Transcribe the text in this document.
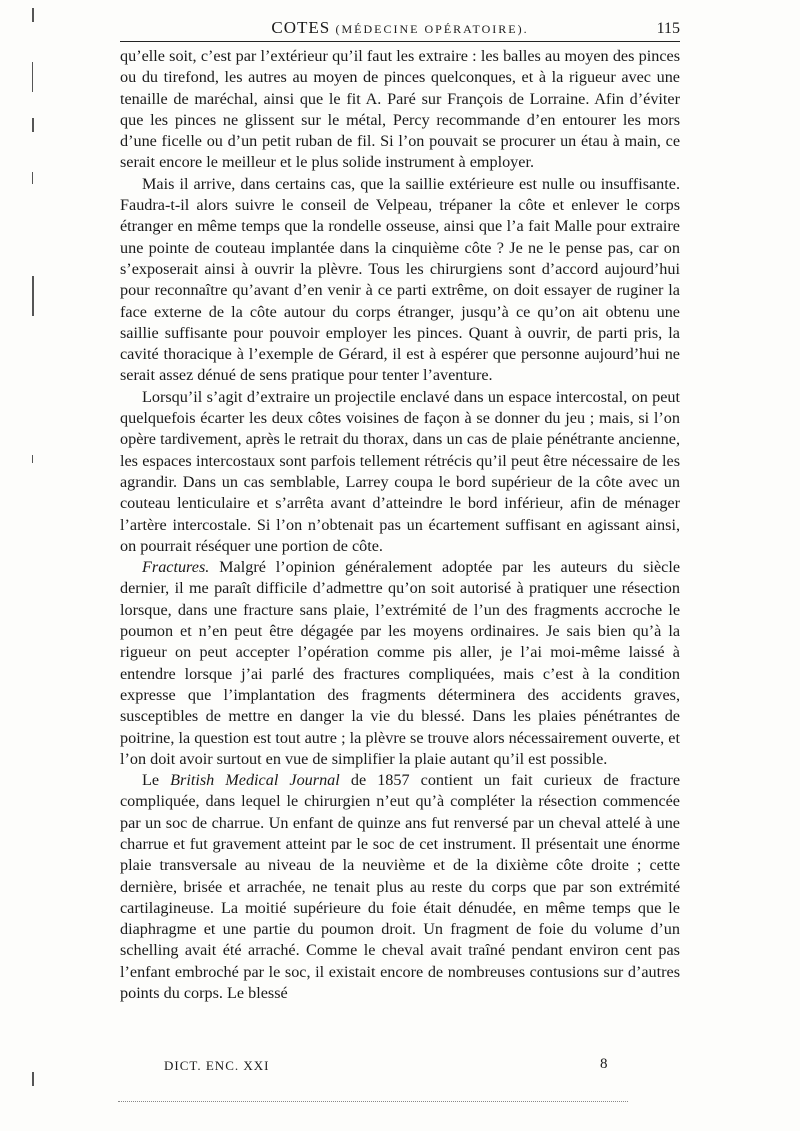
COTES (MÉDECINE OPÉRATOIRE).	115

qu’elle soit, c’est par l’extérieur qu’il faut les extraire : les balles au moyen des pinces ou du tirefond, les autres au moyen de pinces quelconques, et à la rigueur avec une tenaille de maréchal, ainsi que le fit A. Paré sur François de Lorraine. Afin d’éviter que les pinces ne glissent sur le métal, Percy recommande d’en entourer les mors d’une ficelle ou d’un petit ruban de fil. Si l’on pouvait se procurer un étau à main, ce serait encore le meilleur et le plus solide instrument à employer.

Mais il arrive, dans certains cas, que la saillie extérieure est nulle ou insuffisante. Faudra-t-il alors suivre le conseil de Velpeau, trépaner la côte et enlever le corps étranger en même temps que la rondelle osseuse, ainsi que l’a fait Malle pour extraire une pointe de couteau implantée dans la cinquième côte ? Je ne le pense pas, car on s’exposerait ainsi à ouvrir la plèvre. Tous les chirurgiens sont d’accord aujourd’hui pour reconnaître qu’avant d’en venir à ce parti extrême, on doit essayer de ruginer la face externe de la côte autour du corps étranger, jusqu’à ce qu’on ait obtenu une saillie suffisante pour pouvoir employer les pinces. Quant à ouvrir, de parti pris, la cavité thoracique à l’exemple de Gérard, il est à espérer que personne aujourd’hui ne serait assez dénué de sens pratique pour tenter l’aventure.

Lorsqu’il s’agit d’extraire un projectile enclavé dans un espace intercostal, on peut quelquefois écarter les deux côtes voisines de façon à se donner du jeu ; mais, si l’on opère tardivement, après le retrait du thorax, dans un cas de plaie pénétrante ancienne, les espaces intercostaux sont parfois tellement rétrécis qu’il peut être nécessaire de les agrandir. Dans un cas semblable, Larrey coupa le bord supérieur de la côte avec un couteau lenticulaire et s’arrêta avant d’atteindre le bord inférieur, afin de ménager l’artère intercostale. Si l’on n’obtenait pas un écartement suffisant en agissant ainsi, on pourrait réséquer une portion de côte.

Fractures. Malgré l’opinion généralement adoptée par les auteurs du siècle dernier, il me paraît difficile d’admettre qu’on soit autorisé à pratiquer une résection lorsque, dans une fracture sans plaie, l’extrémité de l’un des fragments accroche le poumon et n’en peut être dégagée par les moyens ordinaires. Je sais bien qu’à la rigueur on peut accepter l’opération comme pis aller, je l’ai moi-même laissé à entendre lorsque j’ai parlé des fractures compliquées, mais c’est à la condition expresse que l’implantation des fragments déterminera des accidents graves, susceptibles de mettre en danger la vie du blessé. Dans les plaies pénétrantes de poitrine, la question est tout autre ; la plèvre se trouve alors nécessairement ouverte, et l’on doit avoir surtout en vue de simplifier la plaie autant qu’il est possible.

Le British Medical Journal de 1857 contient un fait curieux de fracture compliquée, dans lequel le chirurgien n’eut qu’à compléter la résection commencée par un soc de charrue. Un enfant de quinze ans fut renversé par un cheval attelé à une charrue et fut gravement atteint par le soc de cet instrument. Il présentait une énorme plaie transversale au niveau de la neuvième et de la dixième côte droite ; cette dernière, brisée et arrachée, ne tenait plus au reste du corps que par son extrémité cartilagineuse. La moitié supérieure du foie était dénudée, en même temps que le diaphragme et une partie du poumon droit. Un fragment de foie du volume d’un schelling avait été arraché. Comme le cheval avait traîné pendant environ cent pas l’enfant embroché par le soc, il existait encore de nombreuses contusions sur d’autres points du corps. Le blessé

DICT. ENC. XXI	8
